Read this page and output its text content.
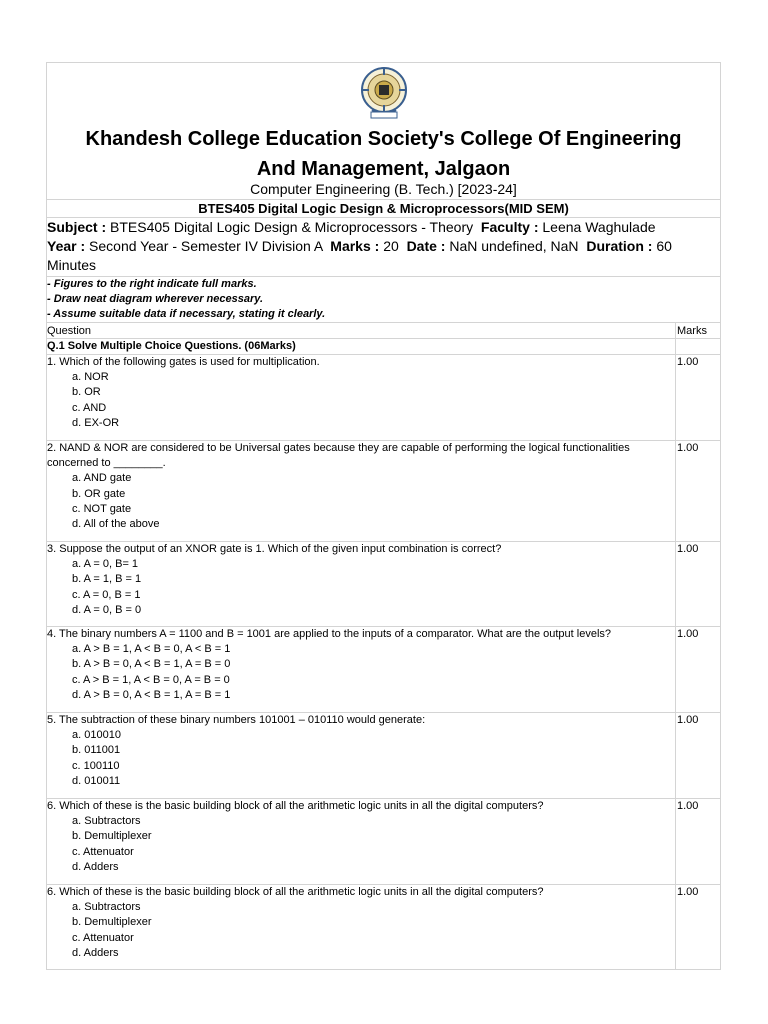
Khandesh College Education Society's College Of Engineering
And Management, Jalgaon
Computer Engineering (B. Tech.) [2023-24]
BTES405 Digital Logic Design & Microprocessors(MID SEM)
Subject : BTES405 Digital Logic Design & Microprocessors - Theory Faculty : Leena Waghulade
Year : Second Year - Semester IV Division A Marks : 20 Date : NaN undefined, NaN Duration : 60 Minutes
- Figures to the right indicate full marks.
- Draw neat diagram wherever necessary.
- Assume suitable data if necessary, stating it clearly.
Question	Marks
Q.1 Solve Multiple Choice Questions. (06Marks)
1. Which of the following gates is used for multiplication.
a. NOR
b. OR
c. AND
d. EX-OR
1.00
2. NAND & NOR are considered to be Universal gates because they are capable of performing the logical functionalities concerned to ________.
a. AND gate
b. OR gate
c. NOT gate
d. All of the above
1.00
3. Suppose the output of an XNOR gate is 1. Which of the given input combination is correct?
a. A = 0, B= 1
b. A = 1, B = 1
c. A = 0, B = 1
d. A = 0, B = 0
1.00
4. The binary numbers A = 1100 and B = 1001 are applied to the inputs of a comparator. What are the output levels?
a. A > B = 1, A < B = 0, A < B = 1
b. A > B = 0, A < B = 1, A = B = 0
c. A > B = 1, A < B = 0, A = B = 0
d. A > B = 0, A < B = 1, A = B = 1
1.00
5. The subtraction of these binary numbers 101001 – 010110 would generate:
a. 010010
b. 011001
c. 100110
d. 010011
1.00
6. Which of these is the basic building block of all the arithmetic logic units in all the digital computers?
a. Subtractors
b. Demultiplexer
c. Attenuator
d. Adders
1.00
6. Which of these is the basic building block of all the arithmetic logic units in all the digital computers?
a. Subtractors
b. Demultiplexer
c. Attenuator
d. Adders
1.00
